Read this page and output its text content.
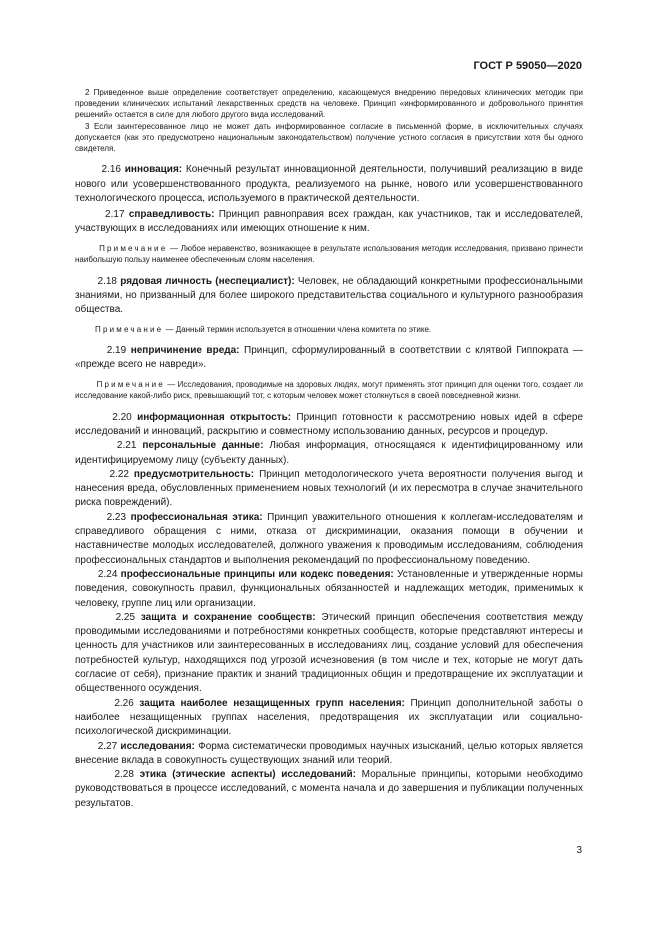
ГОСТ Р 59050—2020

2 Приведенное выше определение соответствует определению, касающемуся внедрению передовых клинических методик при проведении клинических испытаний лекарственных средств на человеке. Принцип «информированного и добровольного принятия решений» остается в силе для любого другого вида исследований.

3 Если заинтересованное лицо не может дать информированное согласие в письменной форме, в исключительных случаях допускается (как это предусмотрено национальным законодательством) получение устного согласия в присутствии хотя бы одного свидетеля.

2.16 инновация: Конечный результат инновационной деятельности, получивший реализацию в виде нового или усовершенствованного продукта, реализуемого на рынке, нового или усовершенствованного технологического процесса, используемого в практической деятельности.

2.17 справедливость: Принцип равноправия всех граждан, как участников, так и исследователей, участвующих в исследованиях или имеющих отношение к ним.

Примечание — Любое неравенство, возникающее в результате использования методик исследования, призвано принести наибольшую пользу наименее обеспеченным слоям населения.

2.18 рядовая личность (неспециалист): Человек, не обладающий конкретными профессиональными знаниями, но призванный для более широкого представительства социального и культурного разнообразия общества.

Примечание — Данный термин используется в отношении члена комитета по этике.

2.19 непричинение вреда: Принцип, сформулированный в соответствии с клятвой Гиппократа — «прежде всего не навреди».

Примечание — Исследования, проводимые на здоровых людях, могут применять этот принцип для оценки того, создает ли исследование какой-либо риск, превышающий тот, с которым человек может столкнуться в своей повседневной жизни.

2.20 информационная открытость: Принцип готовности к рассмотрению новых идей в сфере исследований и инноваций, раскрытию и совместному использованию данных, ресурсов и процедур.

2.21 персональные данные: Любая информация, относящаяся к идентифицированному или идентифицируемому лицу (субъекту данных).

2.22 предусмотрительность: Принцип методологического учета вероятности получения выгод и нанесения вреда, обусловленных применением новых технологий (и их пересмотра в случае значительного риска повреждений).

2.23 профессиональная этика: Принцип уважительного отношения к коллегам-исследователям и справедливого обращения с ними, отказа от дискриминации, оказания помощи в обучении и наставничестве молодых исследователей, должного уважения к проводимым исследованиям, соблюдения профессиональных стандартов и выполнения рекомендаций по профессиональному поведению.

2.24 профессиональные принципы или кодекс поведения: Установленные и утвержденные нормы поведения, совокупность правил, функциональных обязанностей и надлежащих методик, применимых к человеку, группе лиц или организации.

2.25 защита и сохранение сообществ: Этический принцип обеспечения соответствия между проводимыми исследованиями и потребностями конкретных сообществ, которые представляют интересы и ценность для участников или заинтересованных в исследованиях лиц, создание условий для обеспечения потребностей культур, находящихся под угрозой исчезновения (в том числе и тех, которые не могут дать согласие от себя), признание практик и знаний традиционных общин и предотвращение их эксплуатации и общественного осуждения.

2.26 защита наиболее незащищенных групп населения: Принцип дополнительной заботы о наиболее незащищенных группах населения, предотвращения их эксплуатации или социально-психологической дискриминации.

2.27 исследования: Форма систематически проводимых научных изысканий, целью которых является внесение вклада в совокупность существующих знаний или теорий.

2.28 этика (этические аспекты) исследований: Моральные принципы, которыми необходимо руководствоваться в процессе исследований, с момента начала и до завершения и публикации полученных результатов.

3
